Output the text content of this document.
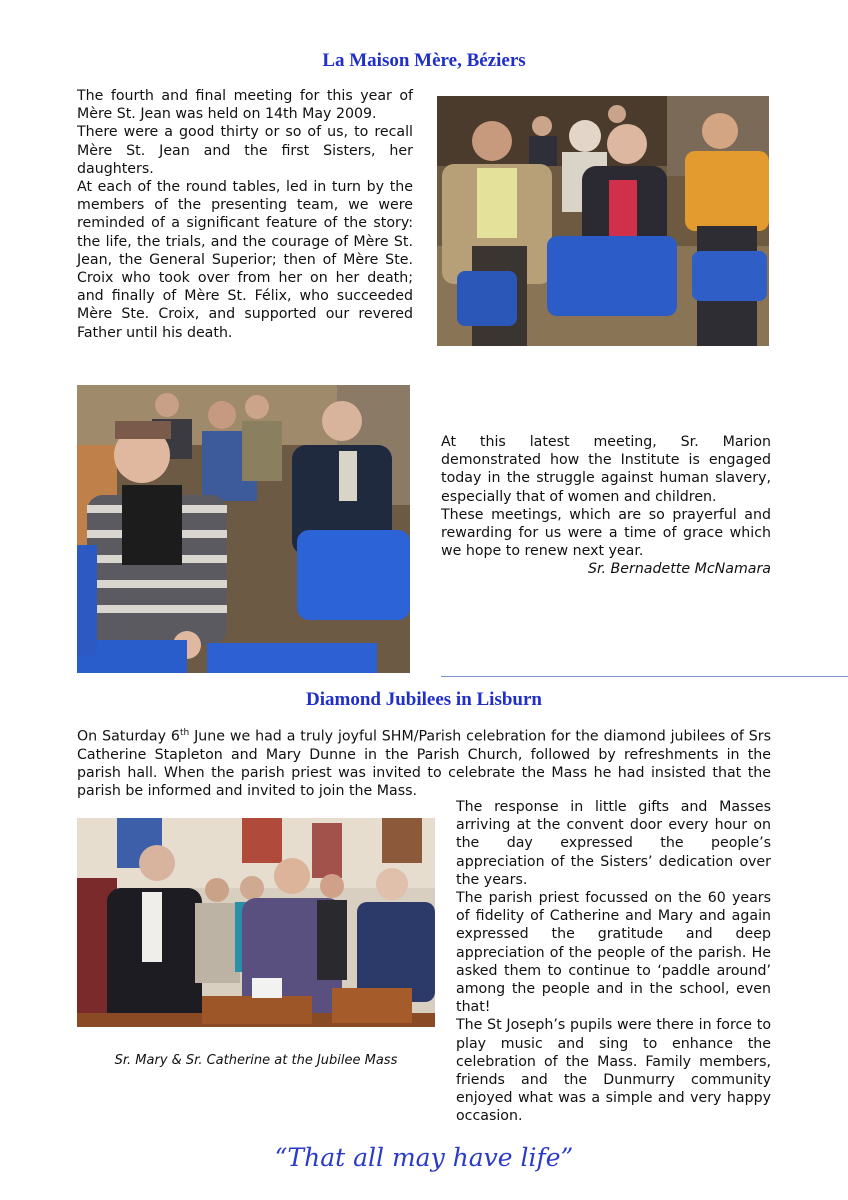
La Maison Mère, Béziers

The fourth and final meeting for this year of Mère St. Jean was held on 14th May 2009.

There were a good thirty or so of us, to recall Mère St. Jean and the first Sisters, her daughters.

At each of the round tables, led in turn by the members of the presenting team, we were reminded of a significant feature of the story: the life, the trials, and the courage of Mère St. Jean, the General Superior; then of Mère Ste. Croix who took over from her on her death; and finally of Mère St. Félix, who succeeded Mère Ste. Croix, and supported our revered Father until his death.

At this latest meeting, Sr. Marion demonstrated how the Institute is engaged today in the struggle against human slavery, especially that of women and children.

These meetings, which are so prayerful and rewarding for us were a time of grace which we hope to renew next year.

Sr. Bernadette McNamara

Diamond Jubilees in Lisburn

On Saturday 6th June we had a truly joyful SHM/Parish celebration for the diamond jubilees of Srs Catherine Stapleton and Mary Dunne in the Parish Church, followed by refreshments in the parish hall. When the parish priest was invited to celebrate the Mass he had insisted that the parish be informed and invited to join the Mass.

Sr. Mary & Sr. Catherine at the Jubilee Mass

The response in little gifts and Masses arriving at the convent door every hour on the day expressed the people’s appreciation of the Sisters’ dedication over the years.

The parish priest focussed on the 60 years of fidelity of Catherine and Mary and again expressed the gratitude and deep appreciation of the people of the parish. He asked them to continue to ‘paddle around’ among the people and in the school, even that!

The St Joseph’s pupils were there in force to play music and sing to enhance the celebration of the Mass. Family members, friends and the Dunmurry community enjoyed what was a simple and very happy occasion.

“That all may have life”
